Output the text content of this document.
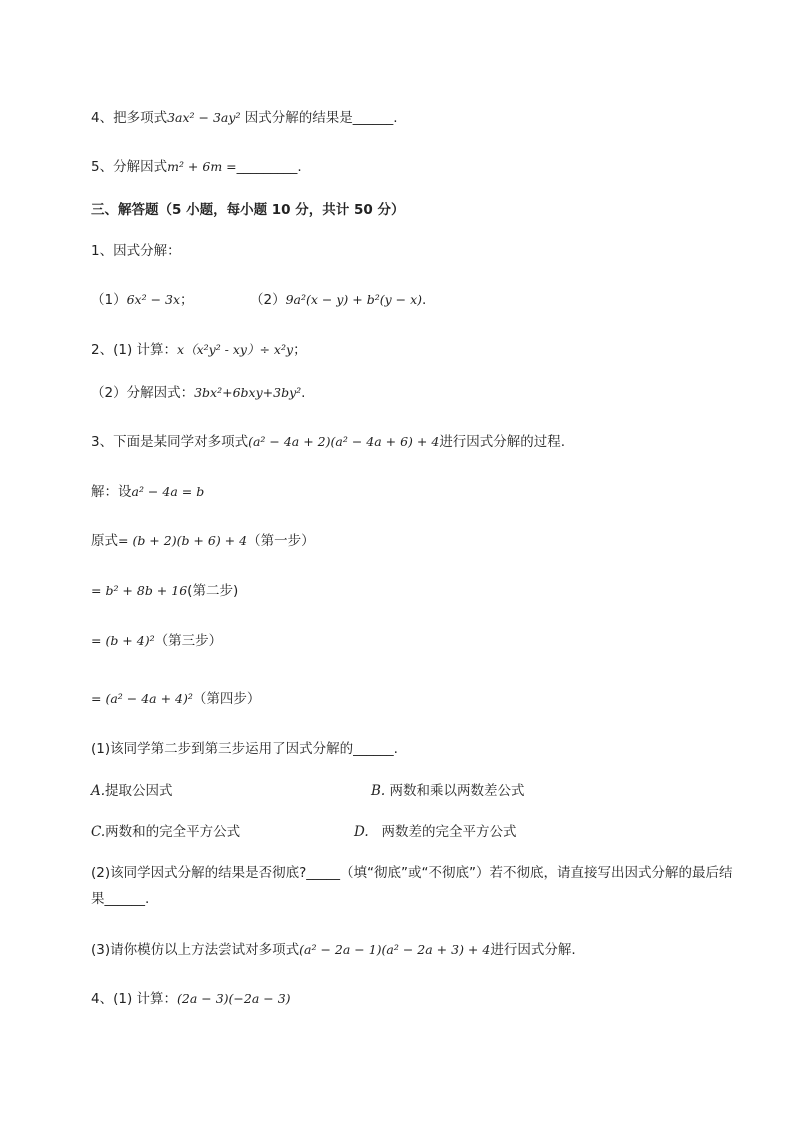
4、把多项式3ax² − 3ay² 因式分解的结果是______.
5、分解因式m² + 6m =_________.
三、解答题（5 小题，每小题 10 分，共计 50 分）
1、因式分解：
（1）6x² − 3x；	（2）9a²(x − y) + b²(y − x).
2、(1) 计算：x（x²y² - xy）÷ x²y；
（2）分解因式：3bx²+6bxy+3by².
3、下面是某同学对多项式(a² − 4a + 2)(a² − 4a + 6) + 4进行因式分解的过程.
解：设a² − 4a = b
原式= (b + 2)(b + 6) + 4（第一步）
= b² + 8b + 16(第二步)
= (b + 4)²（第三步）
= (a² − 4a + 4)²（第四步）
(1)该同学第二步到第三步运用了因式分解的______.
A.提取公因式	B. 两数和乘以两数差公式
C.两数和的完全平方公式	D. 两数差的完全平方公式
(2)该同学因式分解的结果是否彻底?_____（填“彻底”或“不彻底”）若不彻底，请直接写出因式分解的最后结果______.
(3)请你模仿以上方法尝试对多项式(a² − 2a − 1)(a² − 2a + 3) + 4进行因式分解.
4、(1) 计算：(2a − 3)(−2a − 3)
